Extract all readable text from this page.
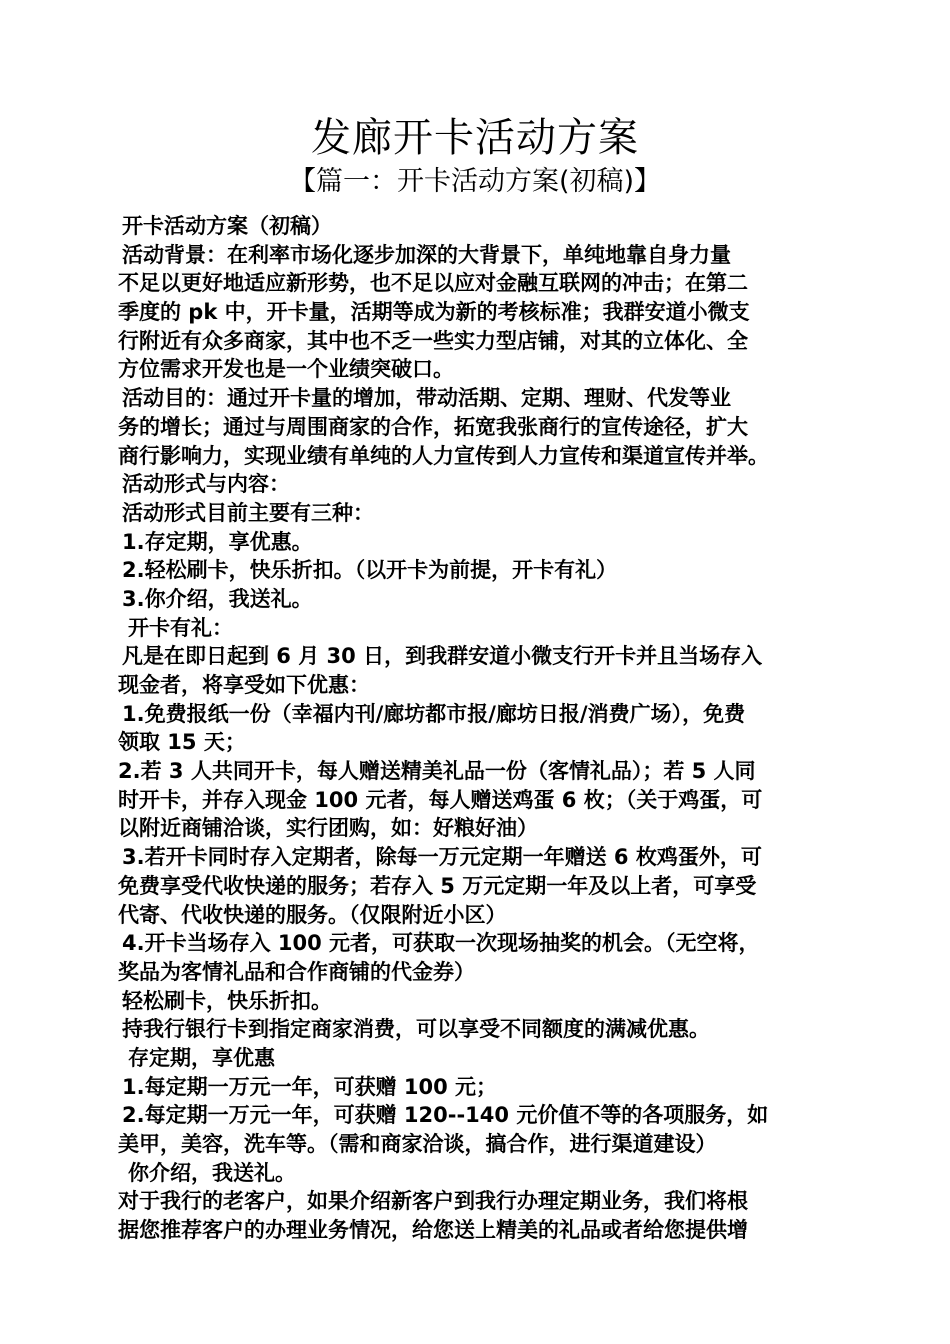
发廊开卡活动方案
【篇一：开卡活动方案(初稿)】
开卡活动方案（初稿）
活动背景：在利率市场化逐步加深的大背景下，单纯地靠自身力量
不足以更好地适应新形势，也不足以应对金融互联网的冲击；在第二
季度的 pk 中，开卡量，活期等成为新的考核标准；我群安道小微支
行附近有众多商家，其中也不乏一些实力型店铺，对其的立体化、全
方位需求开发也是一个业绩突破口。
活动目的：通过开卡量的增加，带动活期、定期、理财、代发等业
务的增长；通过与周围商家的合作，拓宽我张商行的宣传途径，扩大
商行影响力，实现业绩有单纯的人力宣传到人力宣传和渠道宣传并举。
活动形式与内容：
活动形式目前主要有三种：
1.存定期，享优惠。
2.轻松刷卡，快乐折扣。（以开卡为前提，开卡有礼）
3.你介绍，我送礼。
开卡有礼：
凡是在即日起到 6 月 30 日，到我群安道小微支行开卡并且当场存入
现金者，将享受如下优惠：
1.免费报纸一份（幸福内刊/廊坊都市报/廊坊日报/消费广场），免费
领取 15 天；
2.若 3 人共同开卡，每人赠送精美礼品一份（客情礼品）；若 5 人同
时开卡，并存入现金 100 元者，每人赠送鸡蛋 6 枚；（关于鸡蛋，可
以附近商铺洽谈，实行团购，如：好粮好油）
3.若开卡同时存入定期者，除每一万元定期一年赠送 6 枚鸡蛋外，可
免费享受代收快递的服务；若存入 5 万元定期一年及以上者，可享受
代寄、代收快递的服务。（仅限附近小区）
4.开卡当场存入 100 元者，可获取一次现场抽奖的机会。（无空将，
奖品为客情礼品和合作商铺的代金券）
轻松刷卡，快乐折扣。
持我行银行卡到指定商家消费，可以享受不同额度的满减优惠。
存定期，享优惠
1.每定期一万元一年，可获赠 100 元；
2.每定期一万元一年，可获赠 120--140 元价值不等的各项服务，如
美甲，美容，洗车等。（需和商家洽谈，搞合作，进行渠道建设）
你介绍，我送礼。
对于我行的老客户，如果介绍新客户到我行办理定期业务，我们将根
据您推荐客户的办理业务情况，给您送上精美的礼品或者给您提供增
